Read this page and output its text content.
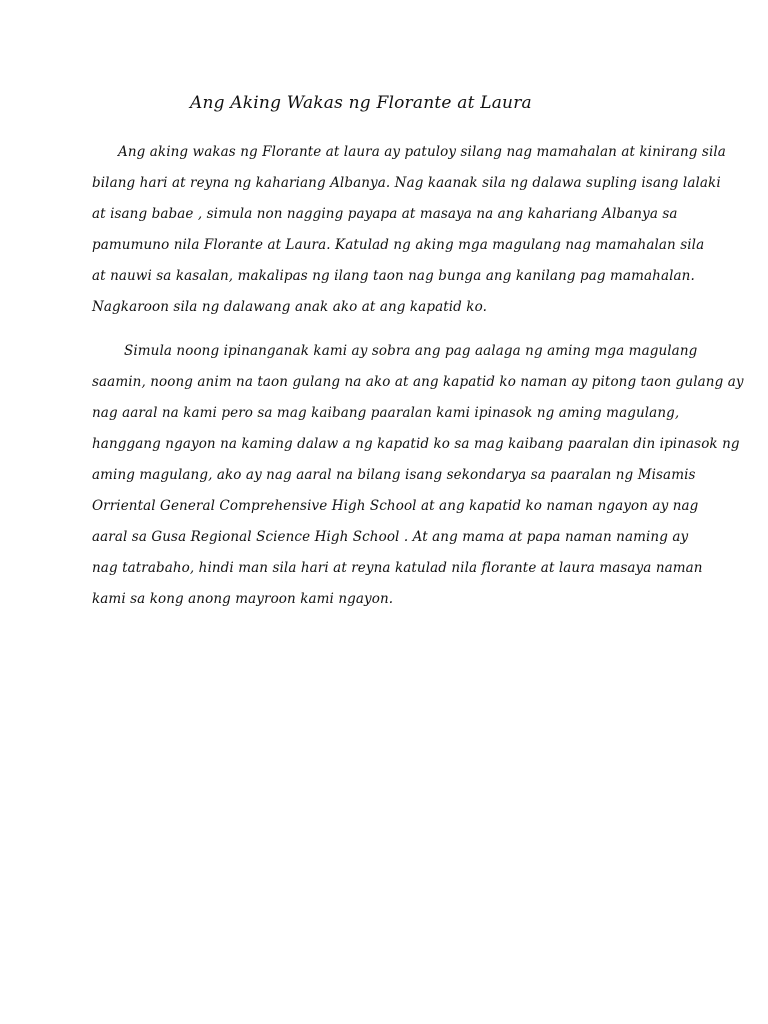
Ang Aking Wakas ng Florante at Laura
Ang aking wakas ng Florante at laura ay patuloy silang nag mamahalan at kinirang sila
bilang hari at reyna ng kahariang Albanya. Nag kaanak sila ng dalawa supling isang lalaki
at isang babae , simula non nagging payapa at masaya na ang kahariang Albanya sa
pamumuno nila Florante at Laura. Katulad ng aking mga magulang nag mamahalan sila
at nauwi sa kasalan, makalipas ng ilang taon nag bunga ang kanilang pag mamahalan.
Nagkaroon sila ng dalawang anak ako at ang kapatid ko.
Simula noong ipinanganak kami ay sobra ang pag aalaga ng aming mga magulang
saamin, noong anim na taon gulang na ako at ang kapatid ko naman ay pitong taon gulang ay
nag aaral na kami pero sa mag kaibang paaralan kami ipinasok ng aming magulang,
hanggang ngayon na kaming dalaw a ng kapatid ko sa mag kaibang paaralan din ipinasok ng
aming magulang, ako ay nag aaral na bilang isang sekondarya sa paaralan ng Misamis
Orriental General Comprehensive High School at ang kapatid ko naman ngayon ay nag
aaral sa Gusa Regional Science High School . At ang mama at papa naman naming ay
nag tatrabaho, hindi man sila hari at reyna katulad nila florante at laura masaya naman
kami sa kong anong mayroon kami ngayon.
